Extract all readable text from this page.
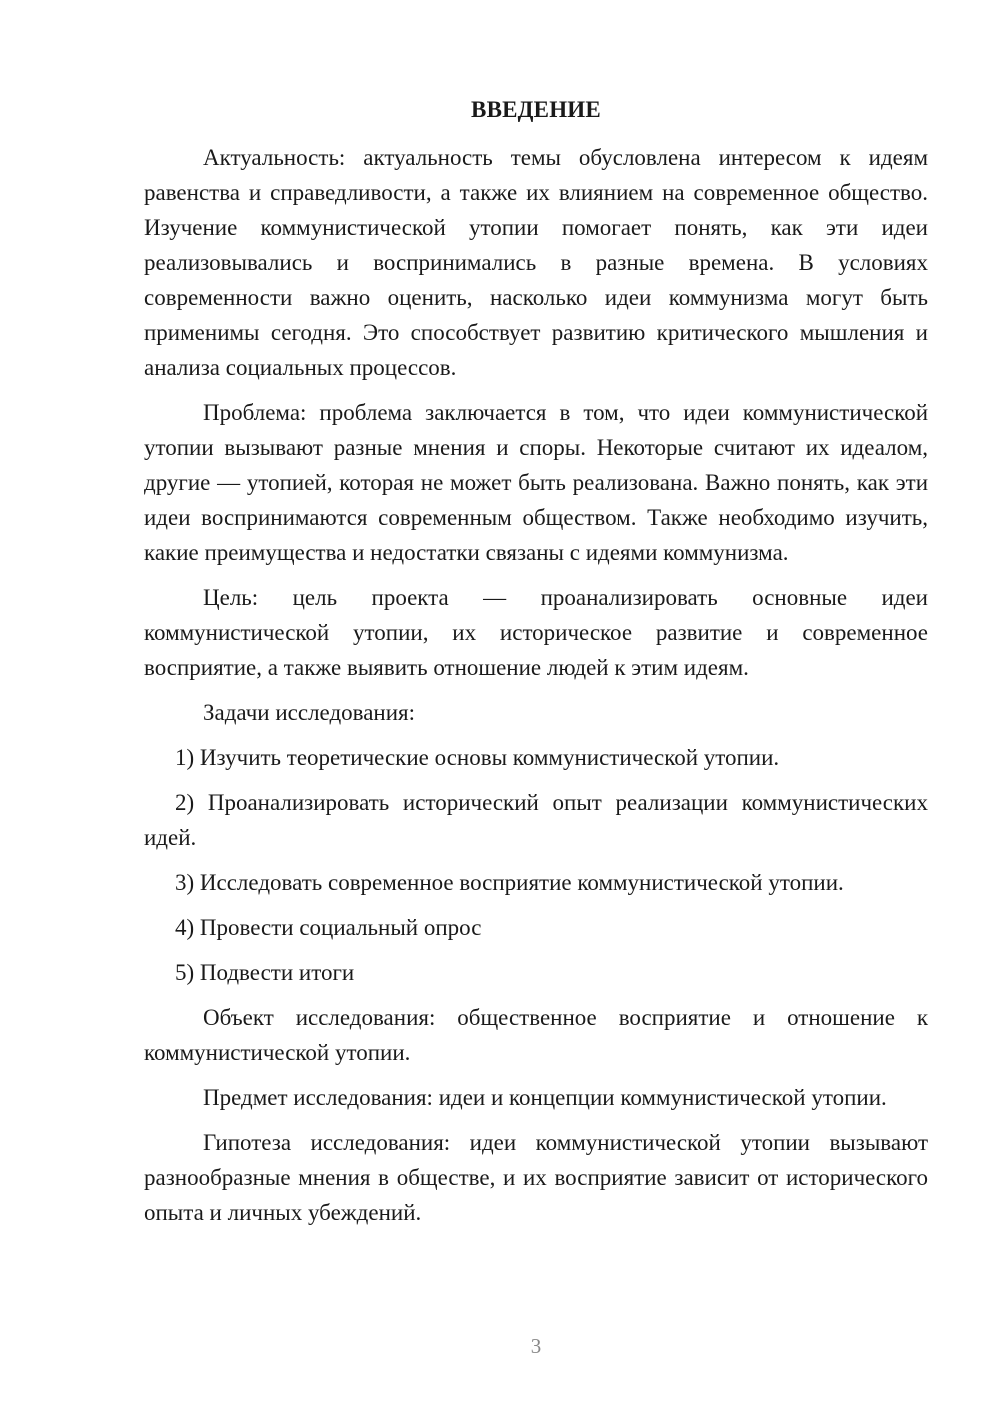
ВВЕДЕНИЕ

Актуальность: актуальность темы обусловлена интересом к идеям равенства и справедливости, а также их влиянием на современное общество. Изучение коммунистической утопии помогает понять, как эти идеи реализовывались и воспринимались в разные времена. В условиях современности важно оценить, насколько идеи коммунизма могут быть применимы сегодня. Это способствует развитию критического мышления и анализа социальных процессов.

Проблема: проблема заключается в том, что идеи коммунистической утопии вызывают разные мнения и споры. Некоторые считают их идеалом, другие — утопией, которая не может быть реализована. Важно понять, как эти идеи воспринимаются современным обществом. Также необходимо изучить, какие преимущества и недостатки связаны с идеями коммунизма.

Цель: цель проекта — проанализировать основные идеи коммунистической утопии, их историческое развитие и современное восприятие, а также выявить отношение людей к этим идеям.

Задачи исследования:

1) Изучить теоретические основы коммунистической утопии.

2) Проанализировать исторический опыт реализации коммунистических идей.

3) Исследовать современное восприятие коммунистической утопии.

4) Провести социальный опрос

5) Подвести итоги

Объект исследования: общественное восприятие и отношение к коммунистической утопии.

Предмет исследования: идеи и концепции коммунистической утопии.

Гипотеза исследования: идеи коммунистической утопии вызывают разнообразные мнения в обществе, и их восприятие зависит от исторического опыта и личных убеждений.

3
